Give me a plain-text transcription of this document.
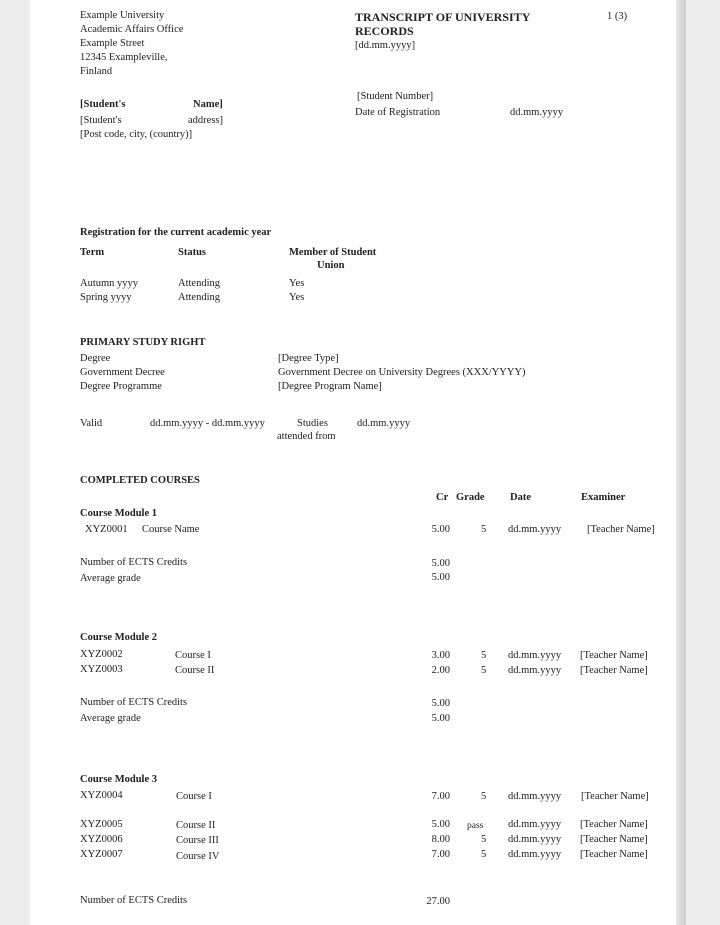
Example University
Academic Affairs Office
Example Street
12345 Exampleville,
Finland
TRANSCRIPT OF UNIVERSITY
RECORDS
[dd.mm.yyyy]
1 (3)
[Student's	Name]
[Student's	address]
[Post code, city, (country)]
[Student Number]
Date of Registration	dd.mm.yyyy
Registration for the current academic year
Term	Status	Member of Student
Union
Autumn yyyy	Attending	Yes
Spring yyyy	Attending	Yes
PRIMARY STUDY RIGHT
Degree	[Degree Type]
Government Decree	Government Decree on University Degrees (XXX/YYYY)
Degree Programme	[Degree Program Name]
Valid	dd.mm.yyyy - dd.mm.yyyy	Studies
attended from
dd.mm.yyyy
COMPLETED COURSES
Cr Grade Date	Examiner
Course Module 1
XYZ0001 Course Name	5.00	5 dd.mm.yyyy [Teacher Name]
Number of ECTS Credits	5.00
Average grade	5.00
Course Module 2
XYZ0002	Course I	3.00	5 dd.mm.yyyy [Teacher Name]
XYZ0003	Course II	2.00	5 dd.mm.yyyy [Teacher Name]
Number of ECTS Credits	5.00
Average grade	5.00
Course Module 3
XYZ0004	Course I	7.00	5 dd.mm.yyyy [Teacher Name]
XYZ0005	Course II	5.00 pass dd.mm.yyyy [Teacher Name]
XYZ0006	Course III	8.00	5 dd.mm.yyyy [Teacher Name]
XYZ0007	Course IV	7.00	5 dd.mm.yyyy [Teacher Name]
Number of ECTS Credits	27.00
